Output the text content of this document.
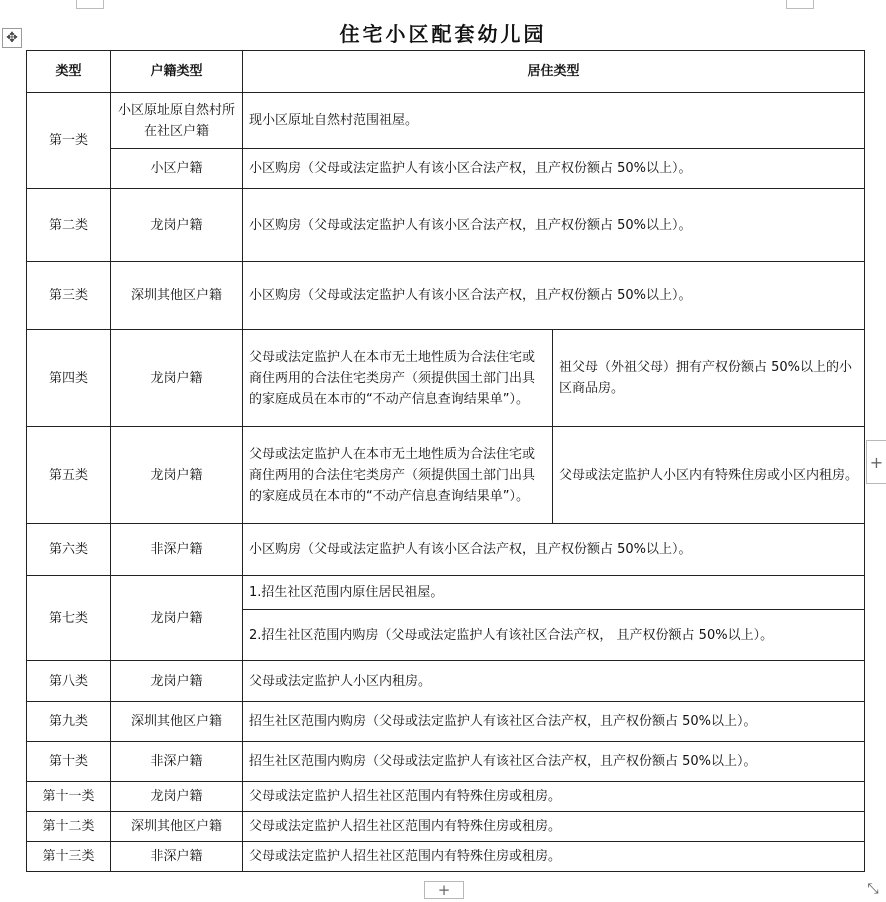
✥	住宅小区配套幼儿园
类型	户籍类型	居住类型	
第一类	小区原址原自然村所在社区户籍	现小区原址自然村范围祖屋。	
	小区户籍	小区购房（父母或法定监护人有该小区合法产权，且产权份额占 50%以上）。	
第二类	龙岗户籍	小区购房（父母或法定监护人有该小区合法产权，且产权份额占 50%以上）。	
第三类	深圳其他区户籍	小区购房（父母或法定监护人有该小区合法产权，且产权份额占 50%以上）。	
第四类	龙岗户籍	父母或法定监护人在本市无土地性质为合法住宅或商住两用的合法住宅类房产（须提供国土部门出具的家庭成员在本市的“不动产信息查询结果单”）。	祖父母（外祖父母）拥有产权份额占 50%以上的小区商品房。
第五类	龙岗户籍	父母或法定监护人在本市无土地性质为合法住宅或商住两用的合法住宅类房产（须提供国土部门出具的家庭成员在本市的“不动产信息查询结果单”）。	父母或法定监护人小区内有特殊住房或小区内租房。
第六类	非深户籍	小区购房（父母或法定监护人有该小区合法产权，且产权份额占 50%以上）。	
第七类	龙岗户籍	1.招生社区范围内原住居民祖屋。	
		2.招生社区范围内购房（父母或法定监护人有该社区合法产权， 且产权份额占 50%以上）。	
第八类	龙岗户籍	父母或法定监护人小区内租房。	
第九类	深圳其他区户籍	招生社区范围内购房（父母或法定监护人有该社区合法产权，且产权份额占 50%以上）。	
第十类	非深户籍	招生社区范围内购房（父母或法定监护人有该社区合法产权，且产权份额占 50%以上）。	
第十一类	龙岗户籍	父母或法定监护人招生社区范围内有特殊住房或租房。	
第十二类	深圳其他区户籍	父母或法定监护人招生社区范围内有特殊住房或租房。	
第十三类	非深户籍	父母或法定监护人招生社区范围内有特殊住房或租房。	
+
+	⤡
